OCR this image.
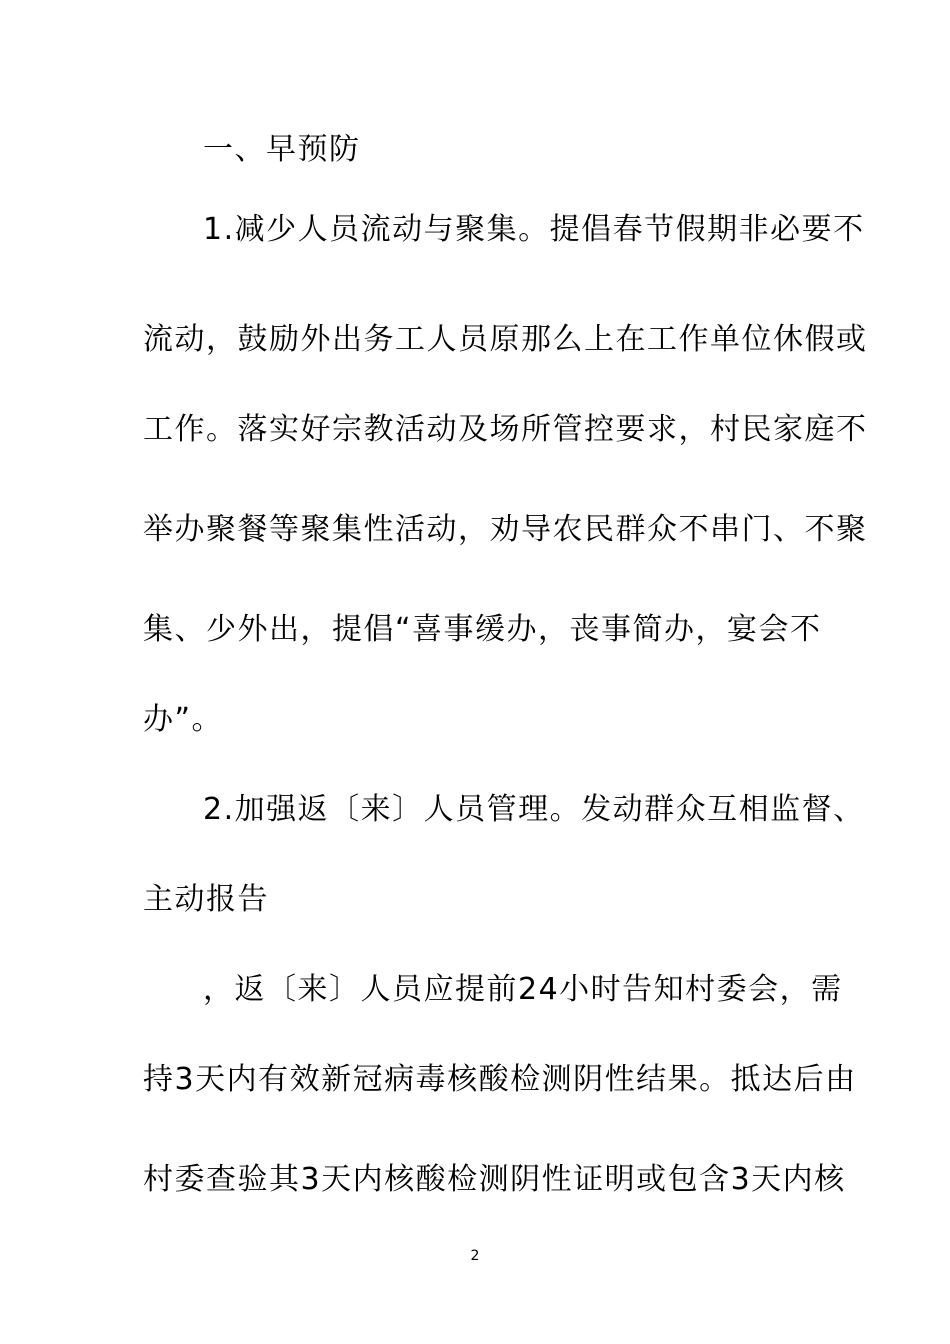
一、早预防
1.减少人员流动与聚集。提倡春节假期非必要不
流动，鼓励外出务工人员原那么上在工作单位休假或
工作。落实好宗教活动及场所管控要求，村民家庭不
举办聚餐等聚集性活动，劝导农民群众不串门、不聚
集、少外出，提倡“喜事缓办，丧事简办，宴会不
办”。
2.加强返〔来〕人员管理。发动群众互相监督、
主动报告
，返〔来〕人员应提前24小时告知村委会，需
持3天内有效新冠病毒核酸检测阴性结果。抵达后由
村委查验其3天内核酸检测阴性证明或包含3天内核
2
